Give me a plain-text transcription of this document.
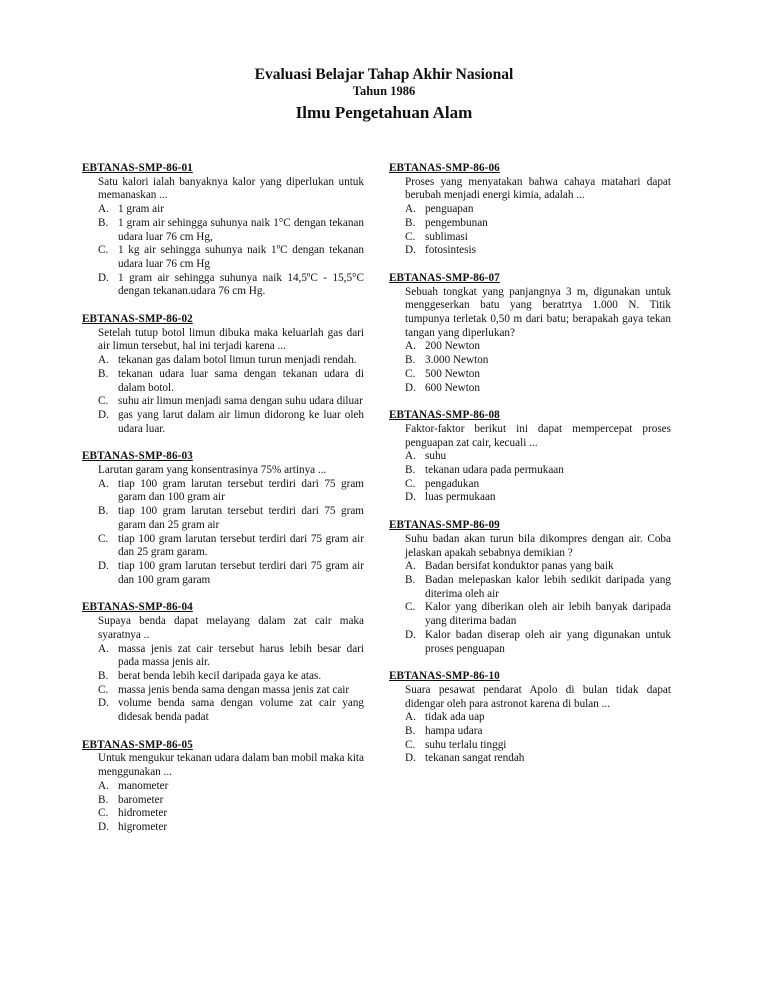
Evaluasi Belajar Tahap Akhir Nasional
Tahun 1986
Ilmu Pengetahuan Alam
EBTANAS-SMP-86-01
Satu kalori ialah banyaknya kalor yang diperlukan untuk memanaskan ...
A. 1 gram air
B. 1 gram air sehingga suhunya naik 1°C dengan tekanan udara luar 76 cm Hg,
C. 1 kg air sehingga suhunya naik 1ºC dengan tekanan udara luar 76 cm Hg
D. 1 gram air sehingga suhunya naik 14,5ºC - 15,5°C dengan tekanan.udara 76 cm Hg.
EBTANAS-SMP-86-02
Setelah tutup botol limun dibuka maka keluarlah gas dari air limun tersebut, hal ini terjadi karena ...
A. tekanan gas dalam botol limun turun menjadi rendah.
B. tekanan udara luar sama dengan tekanan udara di dalam botol.
C. suhu air limun menjadi sama dengan suhu udara diluar
D. gas yang larut dalam air limun didorong ke luar oleh udara luar.
EBTANAS-SMP-86-03
Larutan garam yang konsentrasinya 75% artinya ...
A. tiap 100 gram larutan tersebut terdiri dari 75 gram garam dan 100 gram air
B. tiap 100 gram larutan tersebut terdiri dari 75 gram garam dan 25 gram air
C. tiap 100 gram larutan tersebut terdiri dari 75 gram air dan 25 gram garam.
D. tiap 100 gram larutan tersebut terdiri dari 75 gram air dan 100 gram garam
EBTANAS-SMP-86-04
Supaya benda dapat melayang dalam zat cair maka syaratnya ..
A. massa jenis zat cair tersebut harus lebih besar dari pada massa jenis air.
B. berat benda lebih kecil daripada gaya ke atas.
C. massa jenis benda sama dengan massa jenis zat cair
D. volume benda sama dengan volume zat cair yang didesak benda padat
EBTANAS-SMP-86-05
Untuk mengukur tekanan udara dalam ban mobil maka kita menggunakan ...
A. manometer
B. barometer
C. hidrometer
D. higrometer
EBTANAS-SMP-86-06
Proses yang menyatakan bahwa cahaya matahari dapat berubah menjadi energi kimia, adalah ...
A. penguapan
B. pengembunan
C. sublimasi
D. fotosintesis
EBTANAS-SMP-86-07
Sebuah tongkat yang panjangnya 3 m, digunakan untuk menggeserkan batu yang beratrtya 1.000 N. Titik tumpunya terletak 0,50 m dari batu; berapakah gaya tekan tangan yang diperlukan?
A. 200 Newton
B. 3.000 Newton
C. 500 Newton
D. 600 Newton
EBTANAS-SMP-86-08
Faktor-faktor berikut ini dapat mempercepat proses penguapan zat cair, kecuali ...
A. suhu
B. tekanan udara pada permukaan
C. pengadukan
D. luas permukaan
EBTANAS-SMP-86-09
Suhu badan akan turun bila dikompres dengan air. Coba jelaskan apakah sebabnya demikian ?
A. Badan bersifat konduktor panas yang baik
B. Badan melepaskan kalor lebih sedikit daripada yang diterima oleh air
C. Kalor yang diberikan oleh air lebih banyak daripada yang diterima badan
D. Kalor badan diserap oleh air yang digunakan untuk proses penguapan
EBTANAS-SMP-86-10
Suara pesawat pendarat Apolo di bulan tidak dapat didengar oleh para astronot karena di bulan ...
A. tidak ada uap
B. hampa udara
C. suhu terlalu tinggi
D. tekanan sangat rendah
